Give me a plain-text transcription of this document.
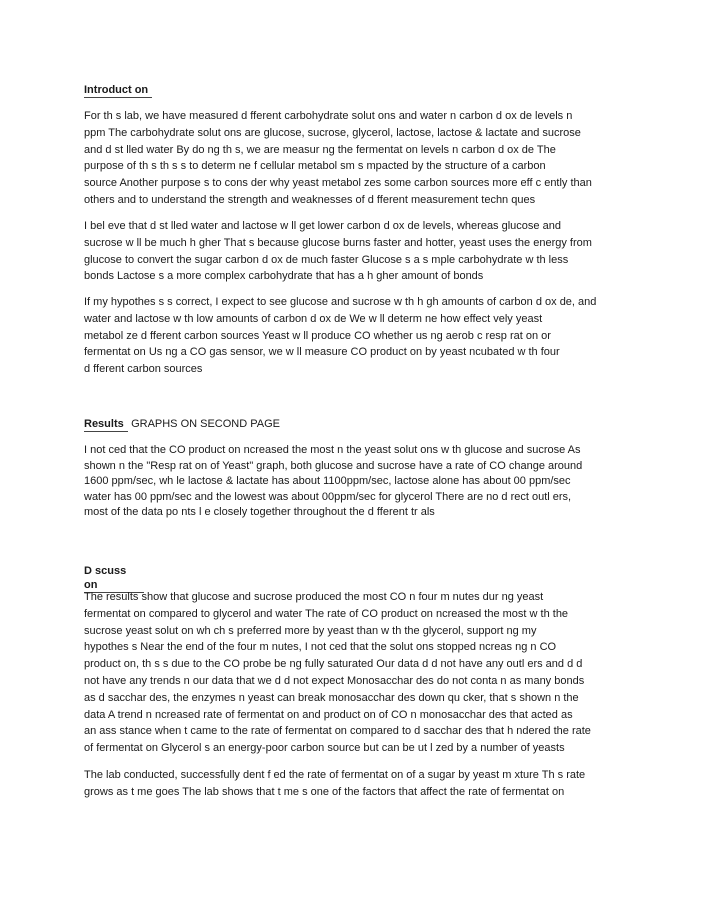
Introduct on

For th s lab, we have measured d fferent carbohydrate solut ons and water n carbon d ox de levels n
ppm The carbohydrate solut ons are glucose, sucrose, glycerol, lactose, lactose & lactate and sucrose
and d st lled water By do ng th s, we are measur ng the fermentat on levels n carbon d ox de The
purpose of th s th s s to determ ne f cellular metabol sm s mpacted by the structure of a carbon
source Another purpose s to cons der why yeast metabol zes some carbon sources more eff c ently than
others and to understand the strength and weaknesses of d fferent measurement techn ques

I bel eve that d st lled water and lactose w ll get lower carbon d ox de levels, whereas glucose and
sucrose w ll be much h gher That s because glucose burns faster and hotter, yeast uses the energy from
glucose to convert the sugar carbon d ox de much faster Glucose s a s mple carbohydrate w th less
bonds Lactose s a more complex carbohydrate that has a h gher amount of bonds

If my hypothes s s correct, I expect to see glucose and sucrose w th h gh amounts of carbon d ox de, and
water and lactose w th low amounts of carbon d ox de We w ll determ ne how effect vely yeast
metabol ze d fferent carbon sources Yeast w ll produce CO whether us ng aerob c resp rat on or
fermentat on Us ng a CO gas sensor, we w ll measure CO product on by yeast ncubated w th four
d fferent carbon sources

Results GRAPHS ON SECOND PAGE

I not ced that the CO product on ncreased the most n the yeast solut ons w th glucose and sucrose As
shown n the "Resp rat on of Yeast" graph, both glucose and sucrose have a rate of CO change around
1600 ppm/sec, wh le lactose & lactate has about 1100ppm/sec, lactose alone has about 00 ppm/sec
water has 00 ppm/sec and the lowest was about 00ppm/sec for glycerol There are no d rect outl ers,
most of the data po nts l e closely together throughout the d fferent tr als

D scuss on

The results show that glucose and sucrose produced the most CO n four m nutes dur ng yeast
fermentat on compared to glycerol and water The rate of CO product on ncreased the most w th the
sucrose yeast solut on wh ch s preferred more by yeast than w th the glycerol, support ng my
hypothes s Near the end of the four m nutes, I not ced that the solut ons stopped ncreas ng n CO
product on, th s s due to the CO probe be ng fully saturated Our data d d not have any outl ers and d d
not have any trends n our data that we d d not expect Monosacchar des do not conta n as many bonds
as d sacchar des, the enzymes n yeast can break monosacchar des down qu cker, that s shown n the
data A trend n ncreased rate of fermentat on and product on of CO n monosacchar des that acted as
an ass stance when t came to the rate of fermentat on compared to d sacchar des that h ndered the rate
of fermentat on Glycerol s an energy-poor carbon source but can be ut l zed by a number of yeasts

The lab conducted, successfully dent f ed the rate of fermentat on of a sugar by yeast m xture Th s rate
grows as t me goes The lab shows that t me s one of the factors that affect the rate of fermentat on
